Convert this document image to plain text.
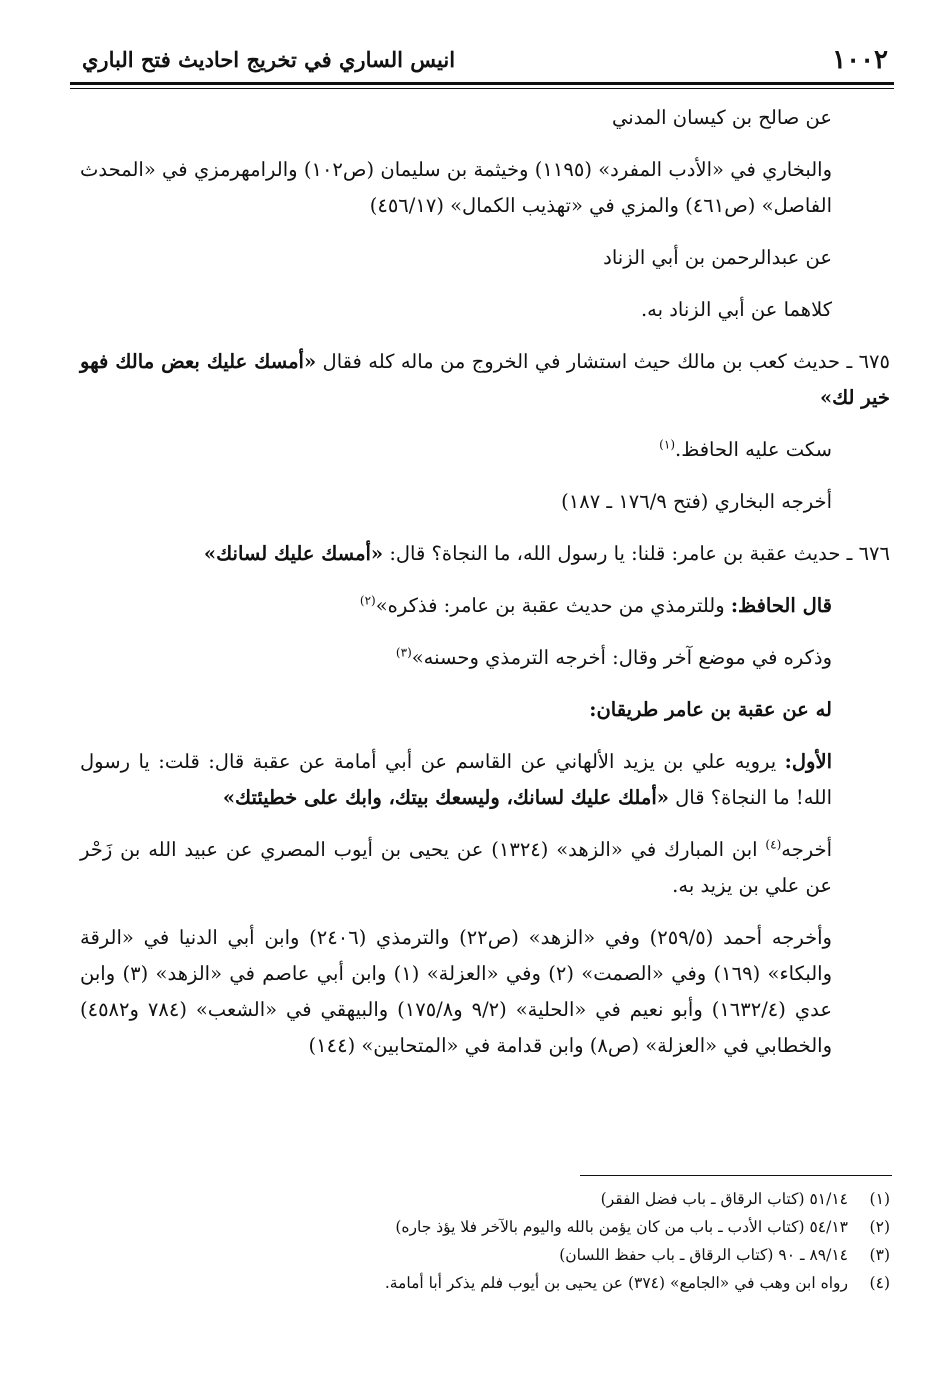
١٠٠٢
انيس الساري في تخريج احاديث فتح الباري

عن صالح بن كيسان المدني

والبخاري في «الأدب المفرد» (١١٩٥) وخيثمة بن سليمان (ص١٠٢) والرامهرمزي في «المحدث الفاصل» (ص٤٦١) والمزي في «تهذيب الكمال» (٤٥٦/١٧)

عن عبدالرحمن بن أبي الزناد

كلاهما عن أبي الزناد به.

٦٧٥ ـ حديث كعب بن مالك حيث استشار في الخروج من ماله كله فقال «أمسك عليك بعض مالك فهو خير لك»

سكت عليه الحافظ.$^{(١)}$

أخرجه البخاري (فتح ١٧٦/٩ ـ ١٨٧)

٦٧٦ ـ حديث عقبة بن عامر: قلنا: يا رسول الله، ما النجاة؟ قال: «أمسك عليك لسانك»

قال الحافظ: وللترمذي من حديث عقبة بن عامر: فذكره»$^{(٢)}$

وذكره في موضع آخر وقال: أخرجه الترمذي وحسنه»$^{(٣)}$

له عن عقبة بن عامر طريقان:

الأول: يرويه علي بن يزيد الألهاني عن القاسم عن أبي أمامة عن عقبة قال: قلت: يا رسول الله! ما النجاة؟ قال «أملك عليك لسانك، وليسعك بيتك، وابك على خطيئتك»

أخرجه$^{(٤)}$ ابن المبارك في «الزهد» (١٣٢٤) عن يحيى بن أيوب المصري عن عبيد الله بن زَحْر عن علي بن يزيد به.

وأخرجه أحمد (٢٥٩/٥) وفي «الزهد» (ص٢٢) والترمذي (٢٤٠٦) وابن أبي الدنيا في «الرقة والبكاء» (١٦٩) وفي «الصمت» (٢) وفي «العزلة» (١) وابن أبي عاصم في «الزهد» (٣) وابن عدي (١٦٣٢/٤) وأبو نعيم في «الحلية» (٩/٢ و١٧٥/٨) والبيهقي في «الشعب» (٧٨٤ و٤٥٨٢) والخطابي في «العزلة» (ص٨) وابن قدامة في «المتحابين» (١٤٤)

(١)
٥١/١٤ (كتاب الرقاق ـ باب فضل الفقر)

(٢)
٥٤/١٣ (كتاب الأدب ـ باب من كان يؤمن بالله واليوم بالآخر فلا يؤذ جاره)

(٣)
٨٩/١٤ ـ ٩٠ (كتاب الرقاق ـ باب حفظ اللسان)

(٤)
رواه ابن وهب في «الجامع» (٣٧٤) عن يحيى بن أيوب فلم يذكر أبا أمامة.
